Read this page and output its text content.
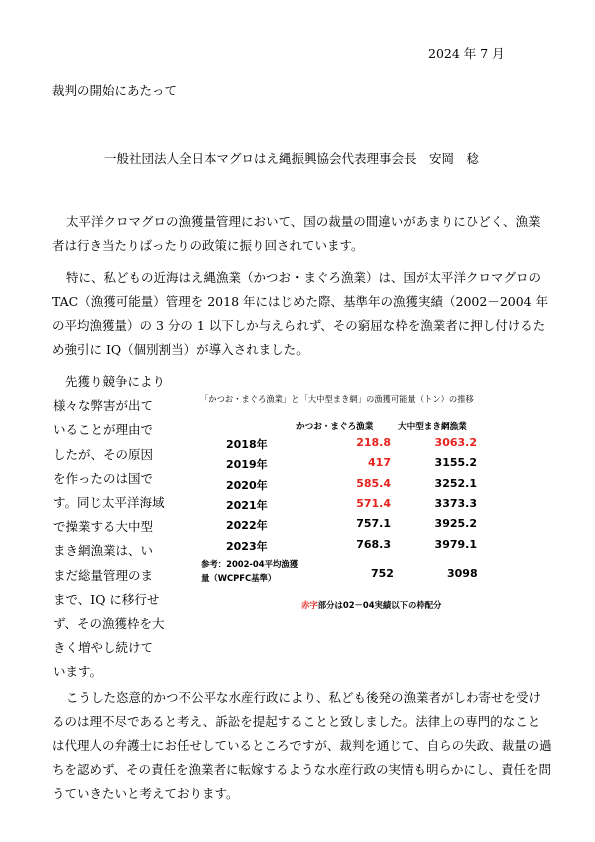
2024 年 7 月
裁判の開始にあたって
一般社団法人全日本マグロはえ縄振興協会代表理事会長　安岡　稔
太平洋クロマグロの漁獲量管理において、国の裁量の間違いがあまりにひどく、漁業者は行き当たりばったりの政策に振り回されています。
特に、私どもの近海はえ縄漁業（かつお・まぐろ漁業）は、国が太平洋クロマグロの TAC（漁獲可能量）管理を 2018 年にはじめた際、基準年の漁獲実績（2002－2004 年の平均漁獲量）の 3 分の 1 以下しか与えられず、その窮屈な枠を漁業者に押し付けるため強引に IQ（個別割当）が導入されました。
先獲り競争により様々な弊害が出ていることが理由でしたが、その原因を作ったのは国です。同じ太平洋海域で操業する大中型まき網漁業は、いまだ総量管理のままで、IQ に移行せず、その漁獲枠を大きく増やし続けています。
「かつお・まぐろ漁業」と「大中型まき網」の漁獲可能量（トン）の推移
かつお・まぐろ漁業	大中型まき網漁業
2018年	218.8	3063.2
2019年	417	3155.2
2020年	585.4	3252.1
2021年	571.4	3373.3
2022年	757.1	3925.2
2023年	768.3	3979.1
参考：2002-04平均漁獲量（WCPFC基準）	752	3098
赤字部分は02－04実績以下の枠配分
こうした恣意的かつ不公平な水産行政により、私ども後発の漁業者がしわ寄せを受けるのは理不尽であると考え、訴訟を提起することと致しました。法律上の専門的なことは代理人の弁護士にお任せしているところですが、裁判を通じて、自らの失政、裁量の過ちを認めず、その責任を漁業者に転嫁するような水産行政の実情も明らかにし、責任を問うていきたいと考えております。
